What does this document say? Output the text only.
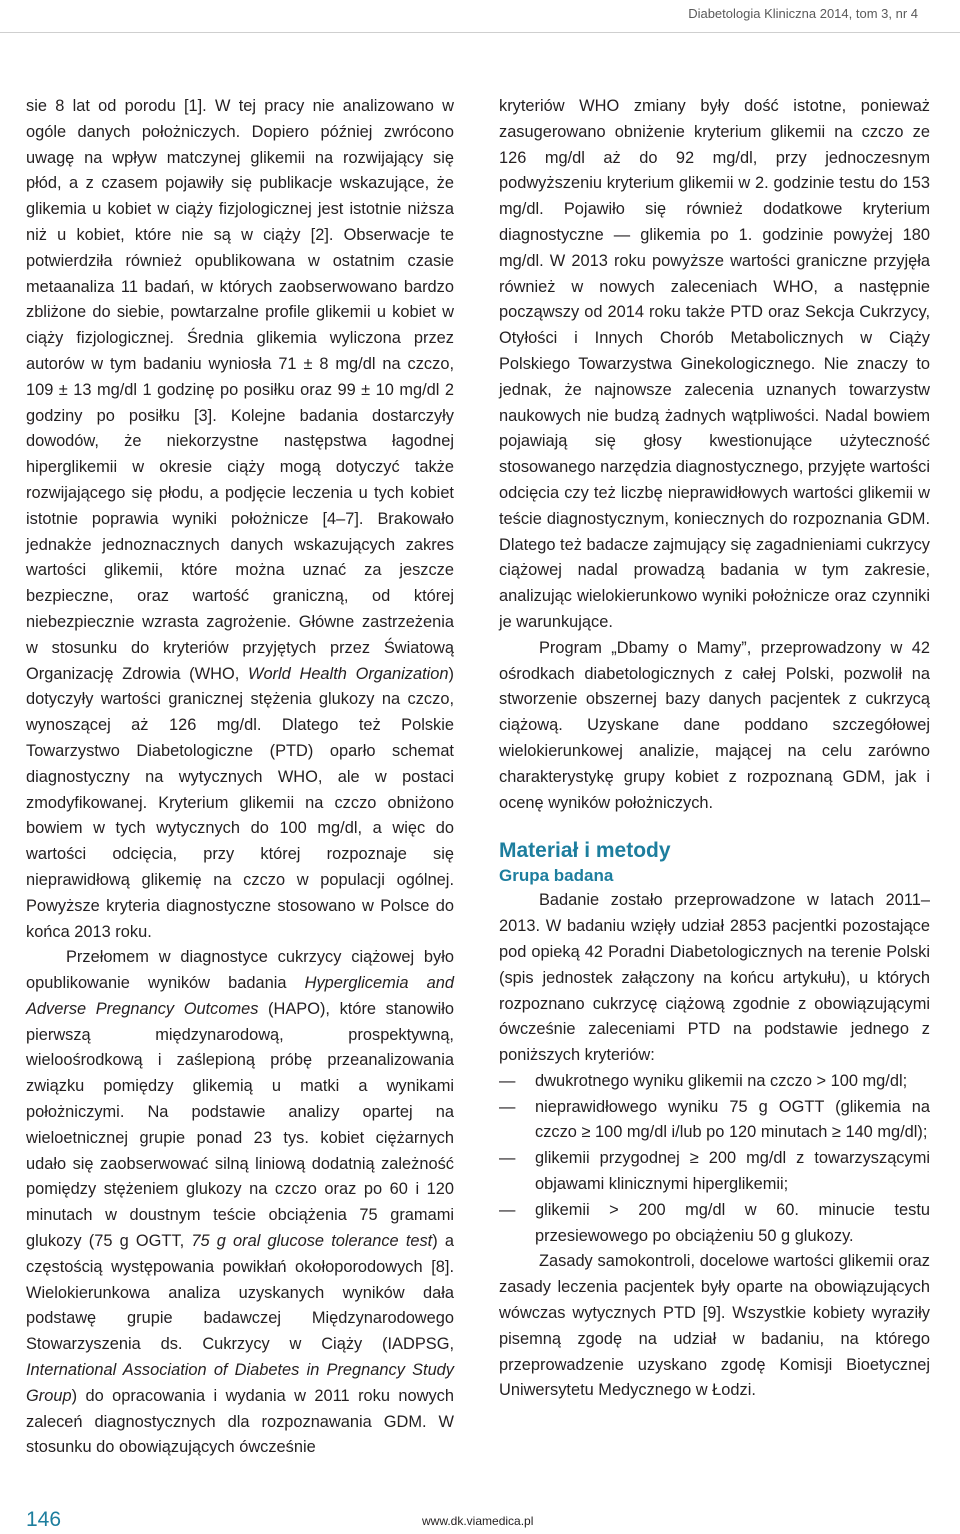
Diabetologia Kliniczna 2014, tom 3, nr 4

sie 8 lat od porodu [1]. W tej pracy nie analizowano w ogóle danych położniczych. Dopiero później zwrócono uwagę na wpływ matczynej glikemii na rozwijający się płód, a z czasem pojawiły się publikacje wskazujące, że glikemia u kobiet w ciąży fizjologicznej jest istotnie niższa niż u kobiet, które nie są w ciąży [2]. Obserwacje te potwierdziła również opublikowana w ostatnim czasie metaanaliza 11 badań, w których zaobserwowano bardzo zbliżone do siebie, powtarzalne profile glikemii u kobiet w ciąży fizjologicznej. Średnia glikemia wyliczona przez autorów w tym badaniu wyniosła 71 ± 8 mg/dl na czczo, 109 ± 13 mg/dl 1 godzinę po posiłku oraz 99 ± 10 mg/dl 2 godziny po posiłku [3]. Kolejne badania dostarczyły dowodów, że niekorzystne następstwa łagodnej hiperglikemii w okresie ciąży mogą dotyczyć także rozwijającego się płodu, a podjęcie leczenia u tych kobiet istotnie poprawia wyniki położnicze [4–7]. Brakowało jednakże jednoznacznych danych wskazujących zakres wartości glikemii, które można uznać za jeszcze bezpieczne, oraz wartość graniczną, od której niebezpiecznie wzrasta zagrożenie. Główne zastrzeżenia w stosunku do kryteriów przyjętych przez Światową Organizację Zdrowia (WHO, World Health Organization) dotyczyły wartości granicznej stężenia glukozy na czczo, wynoszącej aż 126 mg/dl. Dlatego też Polskie Towarzystwo Diabetologiczne (PTD) oparło schemat diagnostyczny na wytycznych WHO, ale w postaci zmodyfikowanej. Kryterium glikemii na czczo obniżono bowiem w tych wytycznych do 100 mg/dl, a więc do wartości odcięcia, przy której rozpoznaje się nieprawidłową glikemię na czczo w populacji ogólnej. Powyższe kryteria diagnostyczne stosowano w Polsce do końca 2013 roku.

Przełomem w diagnostyce cukrzycy ciążowej było opublikowanie wyników badania Hyperglicemia and Adverse Pregnancy Outcomes (HAPO), które stanowiło pierwszą międzynarodową, prospektywną, wieloośrodkową i zaślepioną próbę przeanalizowania związku pomiędzy glikemią u matki a wynikami położniczymi. Na podstawie analizy opartej na wieloetnicznej grupie ponad 23 tys. kobiet ciężarnych udało się zaobserwować silną liniową dodatnią zależność pomiędzy stężeniem glukozy na czczo oraz po 60 i 120 minutach w doustnym teście obciążenia 75 gramami glukozy (75 g OGTT, 75 g oral glucose tolerance test) a częstością występowania powikłań okołoporodowych [8]. Wielokierunkowa analiza uzyskanych wyników dała podstawę grupie badawczej Międzynarodowego Stowarzyszenia ds. Cukrzycy w Ciąży (IADPSG, International Association of Diabetes in Pregnancy Study Group) do opracowania i wydania w 2011 roku nowych zaleceń diagnostycznych dla rozpoznawania GDM. W stosunku do obowiązujących ówcześnie

kryteriów WHO zmiany były dość istotne, ponieważ zasugerowano obniżenie kryterium glikemii na czczo ze 126 mg/dl aż do 92 mg/dl, przy jednoczesnym podwyższeniu kryterium glikemii w 2. godzinie testu do 153 mg/dl. Pojawiło się również dodatkowe kryterium diagnostyczne — glikemia po 1. godzinie powyżej 180 mg/dl. W 2013 roku powyższe wartości graniczne przyjęła również w nowych zaleceniach WHO, a następnie począwszy od 2014 roku także PTD oraz Sekcja Cukrzycy, Otyłości i Innych Chorób Metabolicznych w Ciąży Polskiego Towarzystwa Ginekologicznego. Nie znaczy to jednak, że najnowsze zalecenia uznanych towarzystw naukowych nie budzą żadnych wątpliwości. Nadal bowiem pojawiają się głosy kwestionujące użyteczność stosowanego narzędzia diagnostycznego, przyjęte wartości odcięcia czy też liczbę nieprawidłowych wartości glikemii w teście diagnostycznym, koniecznych do rozpoznania GDM. Dlatego też badacze zajmujący się zagadnieniami cukrzycy ciążowej nadal prowadzą badania w tym zakresie, analizując wielokierunkowo wyniki położnicze oraz czynniki je warunkujące.

Program „Dbamy o Mamy”, przeprowadzony w 42 ośrodkach diabetologicznych z całej Polski, pozwolił na stworzenie obszernej bazy danych pacjentek z cukrzycą ciążową. Uzyskane dane poddano szczegółowej wielokierunkowej analizie, mającej na celu zarówno charakterystykę grupy kobiet z rozpoznaną GDM, jak i ocenę wyników położniczych.

Materiał i metody

Grupa badana

Badanie zostało przeprowadzone w latach 2011–2013. W badaniu wzięły udział 2853 pacjentki pozostające pod opieką 42 Poradni Diabetologicznych na terenie Polski (spis jednostek załączony na końcu artykułu), u których rozpoznano cukrzycę ciążową zgodnie z obowiązującymi ówcześnie zaleceniami PTD na podstawie jednego z poniższych kryteriów:

— dwukrotnego wyniku glikemii na czczo > 100 mg/dl;
— nieprawidłowego wyniku 75 g OGTT (glikemia na czczo ≥ 100 mg/dl i/lub po 120 minutach ≥ 140 mg/dl);
— glikemii przygodnej ≥ 200 mg/dl z towarzyszącymi objawami klinicznymi hiperglikemii;
— glikemii > 200 mg/dl w 60. minucie testu przesiewowego po obciążeniu 50 g glukozy.

Zasady samokontroli, docelowe wartości glikemii oraz zasady leczenia pacjentek były oparte na obowiązujących wówczas wytycznych PTD [9]. Wszystkie kobiety wyraziły pisemną zgodę na udział w badaniu, na którego przeprowadzenie uzyskano zgodę Komisji Bioetycznej Uniwersytetu Medycznego w Łodzi.

146	www.dk.viamedica.pl
